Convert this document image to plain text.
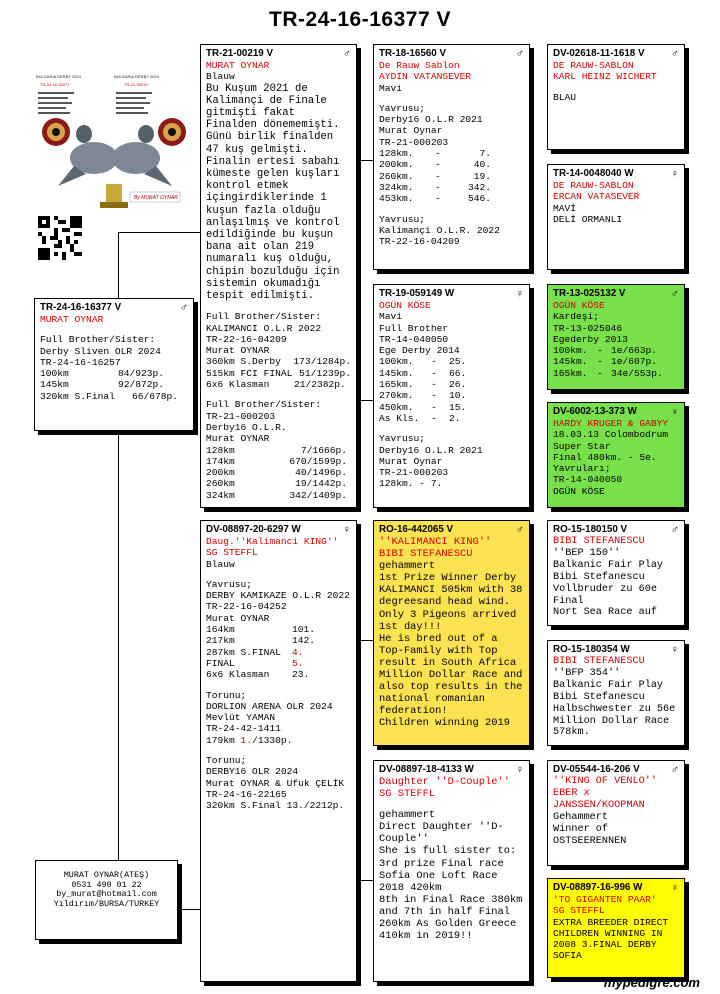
TR-24-16-16377 V
BULGARIA DERBY 2024	BULGARIA DERBY 2024
TR-24-16-16377	TR-21-00219
By MURAT OYNAR
TR-24-16-16377 V	♂
MURAT OYNAR
Full Brother/Sister:
Derby Sliven OLR 2024
TR-24-16-16257
100km	84/923p.
145km	92/872p.
320km S.Final	66/678p.
MURAT OYNAR(ATEŞ)
0531 490 01 22
by_murat@hotmail.com
Yıldırım/BURSA/TURKEY
TR-21-00219 V	♂
MURAT OYNAR
Blauw
Bu Kuşum 2021 de Kalimançi de Finale gitmişti fakat Finalden dönememişti. Günü birlik finalden 47 kuş gelmişti. Finalin ertesi sabahı kümeste gelen kuşları kontrol etmek içingirdiklerinde 1 kuşun fazla olduğu anlaşılmış ve kontrol edildiğinde bu kuşun bana ait olan 219 numaralı kuş olduğu, chipin bozulduğu için sistemin okumadığı tespit edilmişti.
Full Brother/Sister:
KALIMANCI O.L.R 2022
TR-22-16-04209
Murat OYNAR
360km S.Derby	173/1284p.
515km FCI FINAL 51/1239p.
6x6 Klasman	21/2382p.
Full Brother/Sister:
TR-21-000203
Derby16 O.L.R.
Murat OYNAR
128km	7/1666p.
174km	670/1599p.
200km	40/1496p.
260km	19/1442p.
324km	342/1409p.
DV-08897-20-6297 W	♀
Daug.''Kalimanci KING''
SG STEFFL
Blauw
Yavrusu;
DERBY KAMIKAZE O.L.R 2022
TR-22-16-04252
Murat OYNAR
164km	101.
217km	142.
287km S.FINAL	4.
FINAL	5.
6x6 Klasman	23.
Torunu;
DORLION ARENA OLR 2024
Mevlüt YAMAN
TR-24-42-1411
179km 1./1330p.
Torunu;
DERBY16 OLR 2024
Murat OYNAR & Ufuk ÇELİK
TR-24-16-22165
320km S.Final 13./2212p.
TR-18-16560 V	♂
De Rauw Sablon
AYDIN VATANSEVER
Mavi
Yavrusu;
Derby16 O.L.R 2021
Murat Oynar
TR-21-000203
128km.	-	7.
200km.	-	40.
260km.	-	19.
324km.	-	342.
453km.	-	546.
Yavrusu;
Kalimançi O.L.R. 2022
TR-22-16-04209
TR-19-059149 W	♀
OGÜN KÖSE
Mavi
Full Brother
TR-14-040050
Ege Derby 2014
100km.	-	25.
145km.	-	66.
165km.	-	26.
270km.	-	10.
450km.	-	15.
As Kls.	-	2.
Yavrusu;
Derby16 O.L.R 2021
Murat Oynar
TR-21-000203
128km. - 7.
RO-16-442065 V	♂
''KALIMANCI KING''
BIBI STEFANESCU
gehammert
1st Prize Winner Derby KALIMANCI 505km with 38 degreesand head wind. Only 3 Pigeons arrived 1st day!!!
He is bred out of a Top-Family with Top result in South Africa Million Dollar Race and also top results in the national romanian federation!
Children winning 2019
DV-08897-18-4133 W	♀
Daughter ''D-Couple''
SG STEFFL
gehammert
Direct Daughter ''D-Couple''
She is full sister to: 3rd prize Final race Sofia One Loft Race 2018 420km
8th in Final Race 380km and 7th in half Final 260km As Golden Greece 410km in 2019!!
DV-02618-11-1618 V ♂
DE RAUW-SABLON
KARL HEINZ WICHERT
BLAU
TR-14-0048040 W	♀
DE RAUW-SABLON
ERCAN VATASEVER
MAVİ
DELİ ORMANLI
TR-13-025132 V	♂
OGÜN KÖSE
Kardeşi;
TR-13-025046
Egederby 2013
100km. - 1e/663p.
145km. - 1e/607p.
165km. - 34e/553p.
DV-6002-13-373 W	♀
HARDY KRUGER & GABYY
18.03.13 Colombodrum
Super Star
Final 480km. - 5e.
Yavruları;
TR-14-040050
OGÜN KÖSE
RO-15-180150 V	♂
BIBI STEFANESCU
''BEP 150''
Balkanic Fair Play
Bibi Stefanescu
Vollbruder zu 60e Final
Nort Sea Race auf
RO-15-180354 W	♀
BIBI STEFANESCU
''BFP 354''
Balkanic Fair Play
Bibi Stefanescu
Halbschwester zu 56e
Million Dollar Race
578km.
DV-05544-16-206 V	♂
''KING OF VENLO''
EBER x JANSSEN/KOOPMAN
Gehammert
Winner of
OSTSEERENNEN
DV-08897-16-996 W	♀
'TO GIGANTEN PAAR'
SG STEFFL
EXTRA BREEDER DIRECT
CHILDREN WINNING IN
2008 3.FINAL DERBY
SOFIA
mypedigre.com
